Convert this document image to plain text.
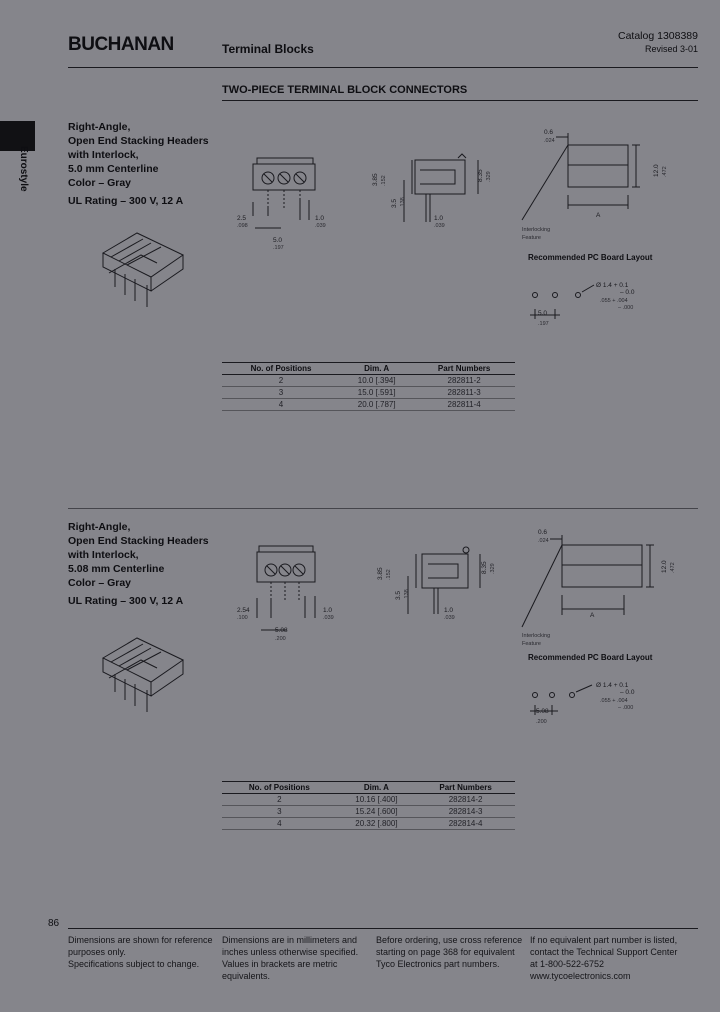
BUCHANAN	Terminal Blocks
Catalog 1308389
Revised 3-01
TWO-PIECE TERMINAL BLOCK CONNECTORS
Eurostyle
Right-Angle,
Open End Stacking Headers
with Interlock,
5.0 mm Centerline
Color – Gray
UL Rating – 300 V, 12 A
2.5
.098
1.0
.039
5.0
.197
3.85 .152
3.5 .138
8.35 .329
1.0
.039
0.6
.024
12.0 .472
A
Interlocking
Feature
Recommended PC Board Layout
Ø 1.4 + 0.1
– 0.0
.055 + .004
– .000
5.0
.197
No. of Positions	Dim. A	Part Numbers
2	10.0 [.394]	282811-2
3	15.0 [.591]	282811-3
4	20.0 [.787]	282811-4
Right-Angle,
Open End Stacking Headers
with Interlock,
5.08 mm Centerline
Color – Gray
UL Rating – 300 V, 12 A
2.54
.100
1.0
.039
5.08
.200
3.85 .152
3.5 .138
8.35 .329
1.0
.039
0.6
.024
12.0 .472
A
Interlocking
Feature
Recommended PC Board Layout
Ø 1.4 + 0.1
– 0.0
.055 + .004
– .000
5.08
.200
No. of Positions	Dim. A	Part Numbers
2	10.16 [.400]	282814-2
3	15.24 [.600]	282814-3
4	20.32 [.800]	282814-4
86
Dimensions are shown for reference
purposes only.
Specifications subject to change.
Dimensions are in millimeters and
inches unless otherwise specified.
Values in brackets are metric
equivalents.
Before ordering, use cross reference
starting on page 368 for equivalent
Tyco Electronics part numbers.
If no equivalent part number is listed,
contact the Technical Support Center
at 1-800-522-6752
www.tycoelectronics.com
